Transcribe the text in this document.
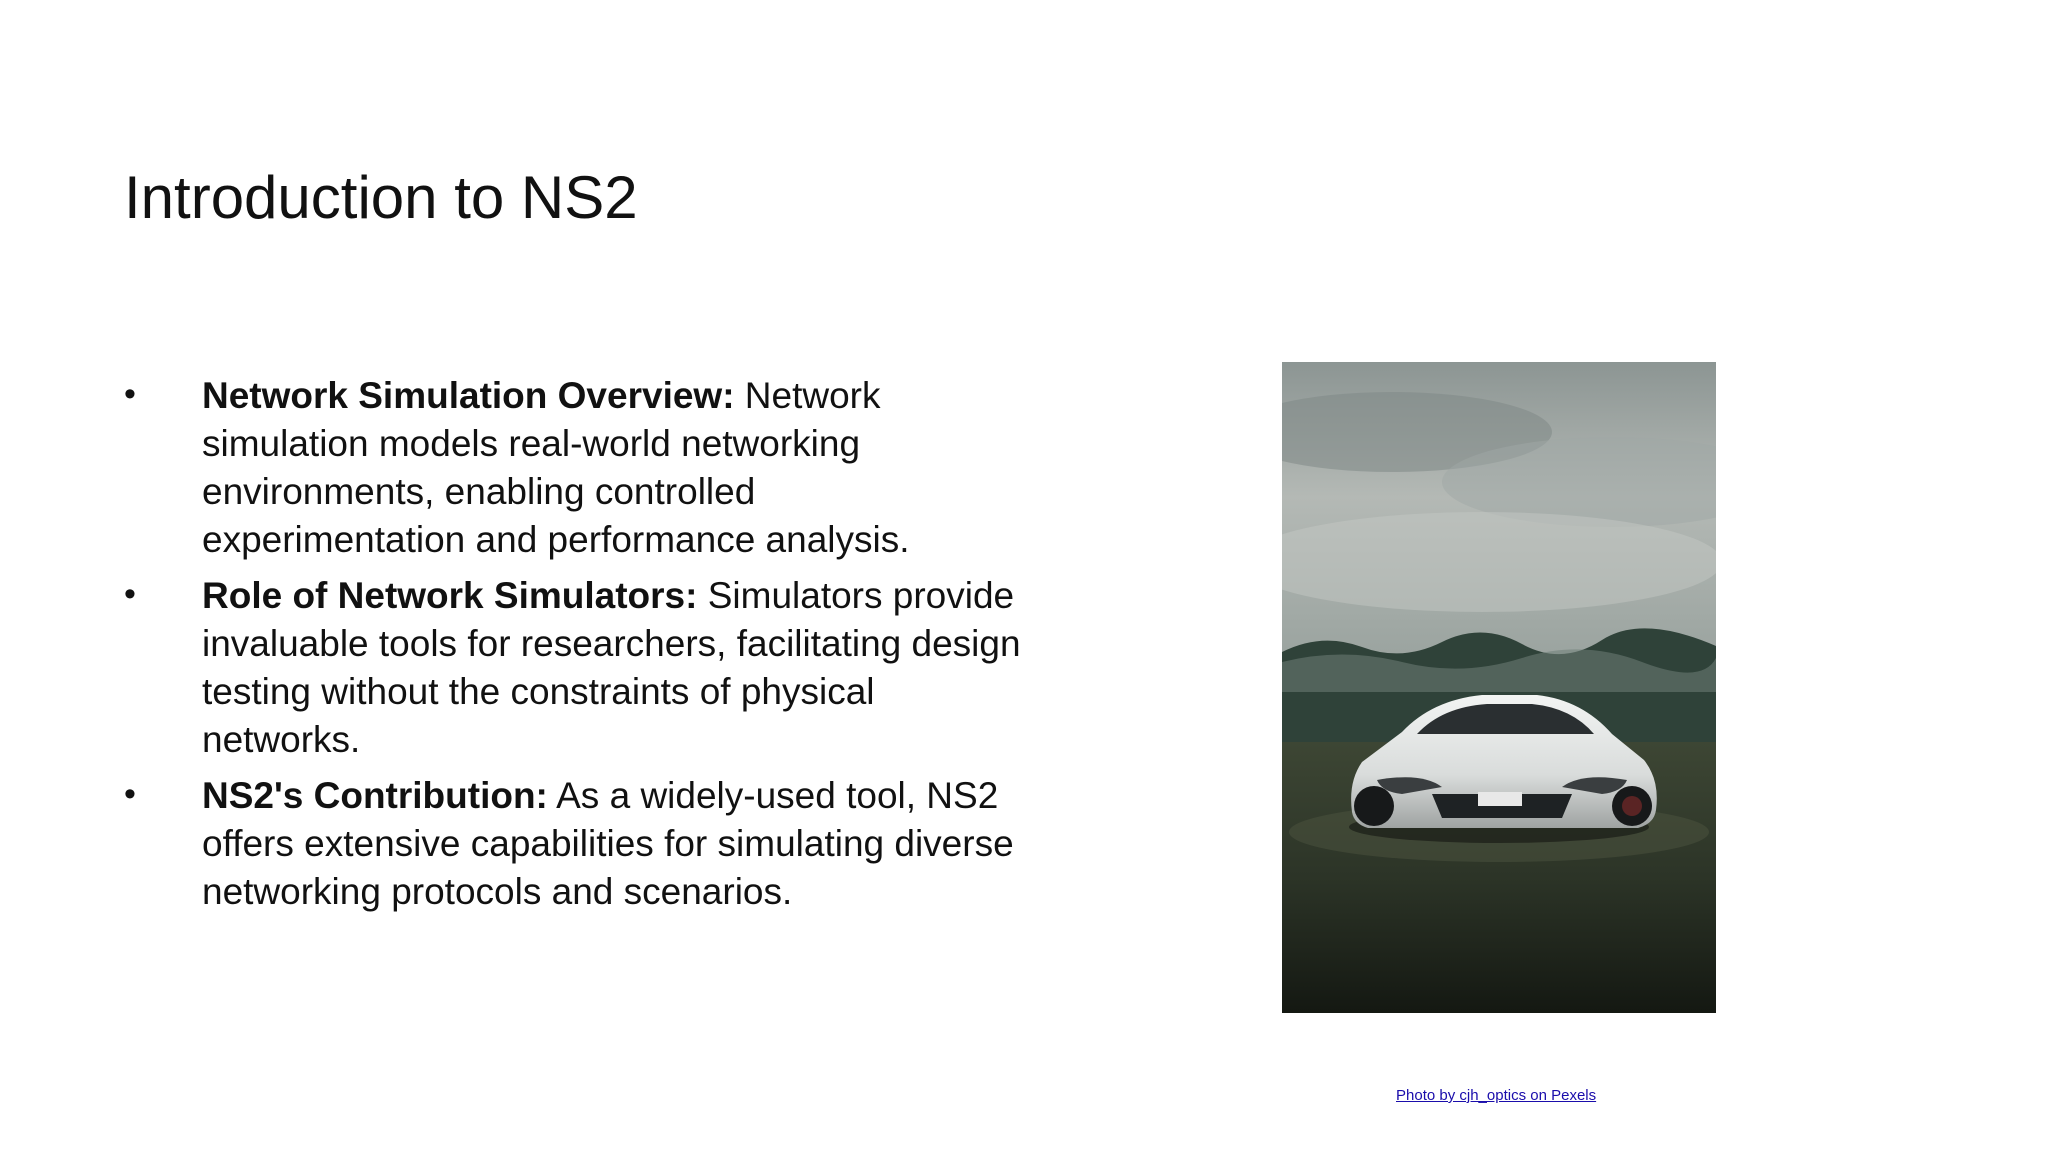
Introduction to NS2
• Network Simulation Overview: Network simulation models real-world networking environments, enabling controlled experimentation and performance analysis.
• Role of Network Simulators: Simulators provide invaluable tools for researchers, facilitating design testing without the constraints of physical networks.
• NS2's Contribution: As a widely-used tool, NS2 offers extensive capabilities for simulating diverse networking protocols and scenarios.
Photo by cjh_optics on Pexels
